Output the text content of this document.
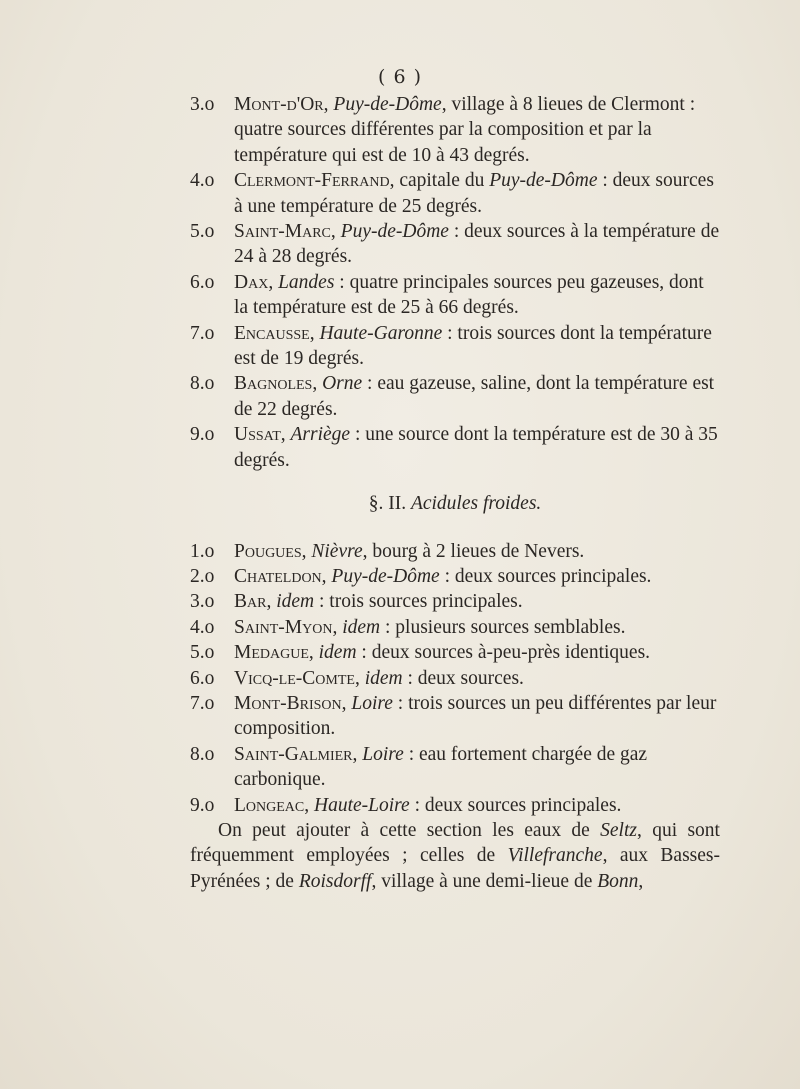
( 6 )
3.o Mont-d'Or, Puy-de-Dôme, village à 8 lieues de Clermont : quatre sources différentes par la composition et par la température qui est de 10 à 43 degrés.
4.o Clermont-Ferrand, capitale du Puy-de-Dôme : deux sources à une température de 25 degrés.
5.o Saint-Marc, Puy-de-Dôme : deux sources à la température de 24 à 28 degrés.
6.o Dax, Landes : quatre principales sources peu gazeuses, dont la température est de 25 à 66 degrés.
7.o Encausse, Haute-Garonne : trois sources dont la température est de 19 degrés.
8.o Bagnoles, Orne : eau gazeuse, saline, dont la température est de 22 degrés.
9.o Ussat, Arriège : une source dont la température est de 30 à 35 degrés.
§. II. Acidules froides.
1.o Pougues, Nièvre, bourg à 2 lieues de Nevers.
2.o Chateldon, Puy-de-Dôme : deux sources principales.
3.o Bar, idem : trois sources principales.
4.o Saint-Myon, idem : plusieurs sources semblables.
5.o Medague, idem : deux sources à-peu-près identiques.
6.o Vicq-le-Comte, idem : deux sources.
7.o Mont-Brison, Loire : trois sources un peu différentes par leur composition.
8.o Saint-Galmier, Loire : eau fortement chargée de gaz carbonique.
9.o Longeac, Haute-Loire : deux sources principales.
On peut ajouter à cette section les eaux de Seltz, qui sont fréquemment employées ; celles de Villefranche, aux Basses-Pyrénées ; de Roisdorff, village à une demi-lieue de Bonn,
